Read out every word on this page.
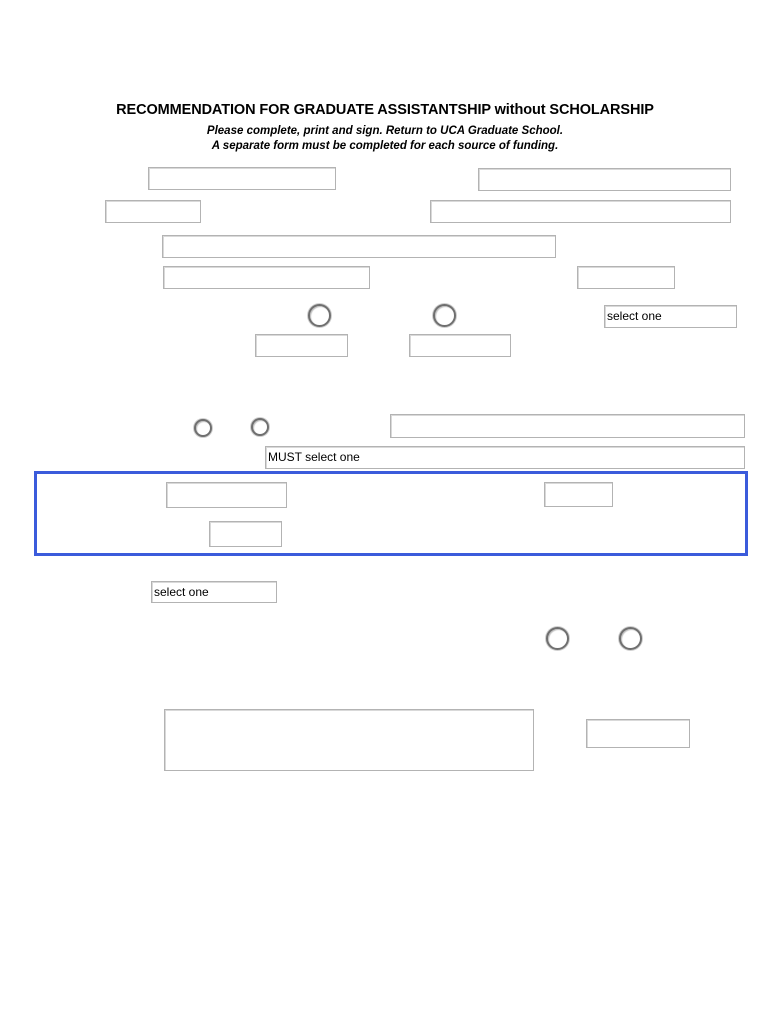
RECOMMENDATION FOR GRADUATE ASSISTANTSHIP without SCHOLARSHIP
Please complete, print and sign. Return to UCA Graduate School.
A separate form must be completed for each source of funding.
select one
MUST select one
select one
